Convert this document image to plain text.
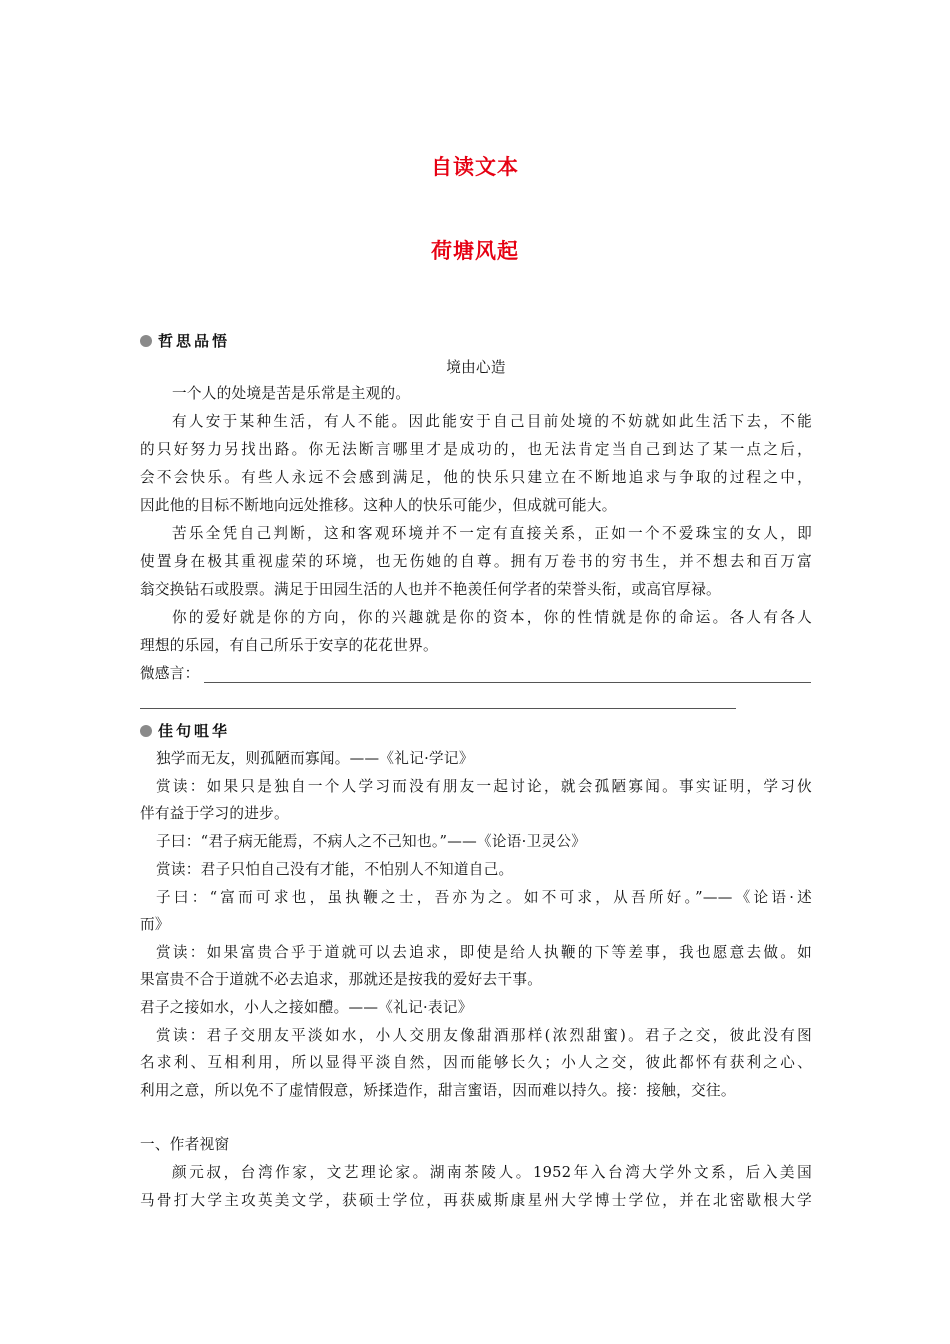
自读文本
荷塘风起
哲思品悟
境由心造
一个人的处境是苦是乐常是主观的。
有人安于某种生活，有人不能。因此能安于自己目前处境的不妨就如此生活下去，不能
的只好努力另找出路。你无法断言哪里才是成功的，也无法肯定当自己到达了某一点之后，
会不会快乐。有些人永远不会感到满足，他的快乐只建立在不断地追求与争取的过程之中，
因此他的目标不断地向远处推移。这种人的快乐可能少，但成就可能大。
苦乐全凭自己判断，这和客观环境并不一定有直接关系，正如一个不爱珠宝的女人，即
使置身在极其重视虚荣的环境，也无伤她的自尊。拥有万卷书的穷书生，并不想去和百万富
翁交换钻石或股票。满足于田园生活的人也并不艳羡任何学者的荣誉头衔，或高官厚禄。
你的爱好就是你的方向，你的兴趣就是你的资本，你的性情就是你的命运。各人有各人
理想的乐园，有自己所乐于安享的花花世界。
微感言：
佳句咀华
独学而无友，则孤陋而寡闻。——《礼记·学记》
赏读：如果只是独自一个人学习而没有朋友一起讨论，就会孤陋寡闻。事实证明，学习伙
伴有益于学习的进步。
子曰：“君子病无能焉，不病人之不己知也。”——《论语·卫灵公》
赏读：君子只怕自己没有才能，不怕别人不知道自己。
子曰：“富而可求也，虽执鞭之士，吾亦为之。如不可求，从吾所好。”——《论语·述
而》
赏读：如果富贵合乎于道就可以去追求，即使是给人执鞭的下等差事，我也愿意去做。如
果富贵不合于道就不必去追求，那就还是按我的爱好去干事。
君子之接如水，小人之接如醴。——《礼记·表记》
赏读：君子交朋友平淡如水，小人交朋友像甜酒那样(浓烈甜蜜)。君子之交，彼此没有图
名求利、互相利用，所以显得平淡自然，因而能够长久；小人之交，彼此都怀有获利之心、
利用之意，所以免不了虚情假意，矫揉造作，甜言蜜语，因而难以持久。接：接触，交往。
一、作者视窗
颜元叔，台湾作家，文艺理论家。湖南茶陵人。1952年入台湾大学外文系，后入美国
马骨打大学主攻英美文学，获硕士学位，再获威斯康星州大学博士学位，并在北密歇根大学
